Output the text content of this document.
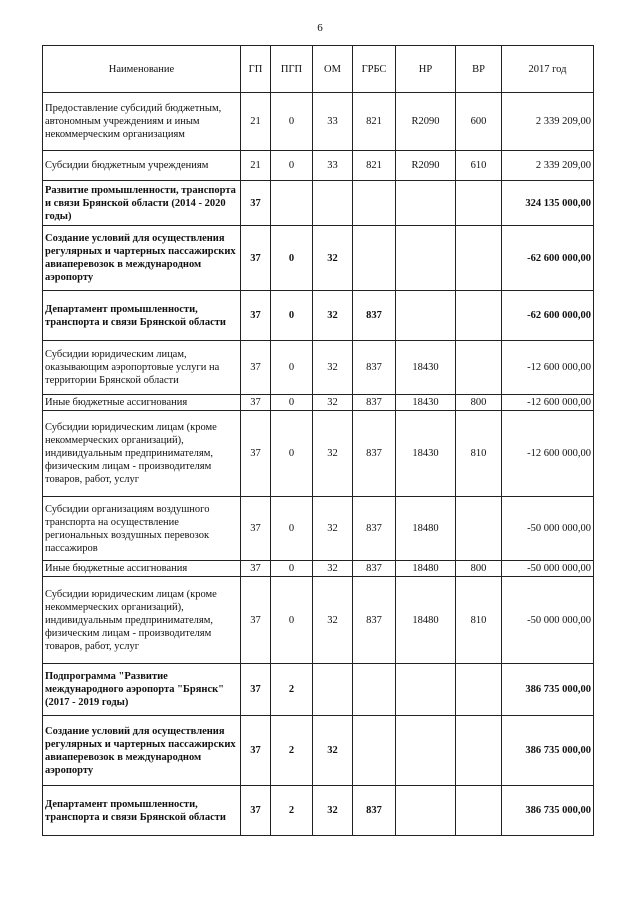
6
Наименование	ГП	ПГП	ОМ	ГРБС	НР	ВР	2017 год
Предоставление субсидий бюджетным, автономным учреждениям и иным некоммерческим организациям	21	0	33	821	R2090	600	2 339 209,00
Субсидии бюджетным учреждениям	21	0	33	821	R2090	610	2 339 209,00
Развитие промышленности, транспорта и связи Брянской области (2014 - 2020 годы)	37						324 135 000,00
Создание условий для осуществления регулярных и чартерных пассажирских авиаперевозок в международном аэропорту	37	0	32				-62 600 000,00
Департамент промышленности, транспорта и связи Брянской области	37	0	32	837			-62 600 000,00
Субсидии юридическим лицам, оказывающим аэропортовые услуги на территории Брянской области	37	0	32	837	18430		-12 600 000,00
Иные бюджетные ассигнования	37	0	32	837	18430	800	-12 600 000,00
Субсидии юридическим лицам (кроме некоммерческих организаций), индивидуальным предпринимателям, физическим лицам - производителям товаров, работ, услуг	37	0	32	837	18430	810	-12 600 000,00
Субсидии организациям воздушного транспорта на осуществление региональных воздушных перевозок пассажиров	37	0	32	837	18480		-50 000 000,00
Иные бюджетные ассигнования	37	0	32	837	18480	800	-50 000 000,00
Субсидии юридическим лицам (кроме некоммерческих организаций), индивидуальным предпринимателям, физическим лицам - производителям товаров, работ, услуг	37	0	32	837	18480	810	-50 000 000,00
Подпрограмма "Развитие международного аэропорта "Брянск" (2017 - 2019 годы)	37	2					386 735 000,00
Создание условий для осуществления регулярных и чартерных пассажирских авиаперевозок в международном аэропорту	37	2	32				386 735 000,00
Департамент промышленности, транспорта и связи Брянской области	37	2	32	837			386 735 000,00
